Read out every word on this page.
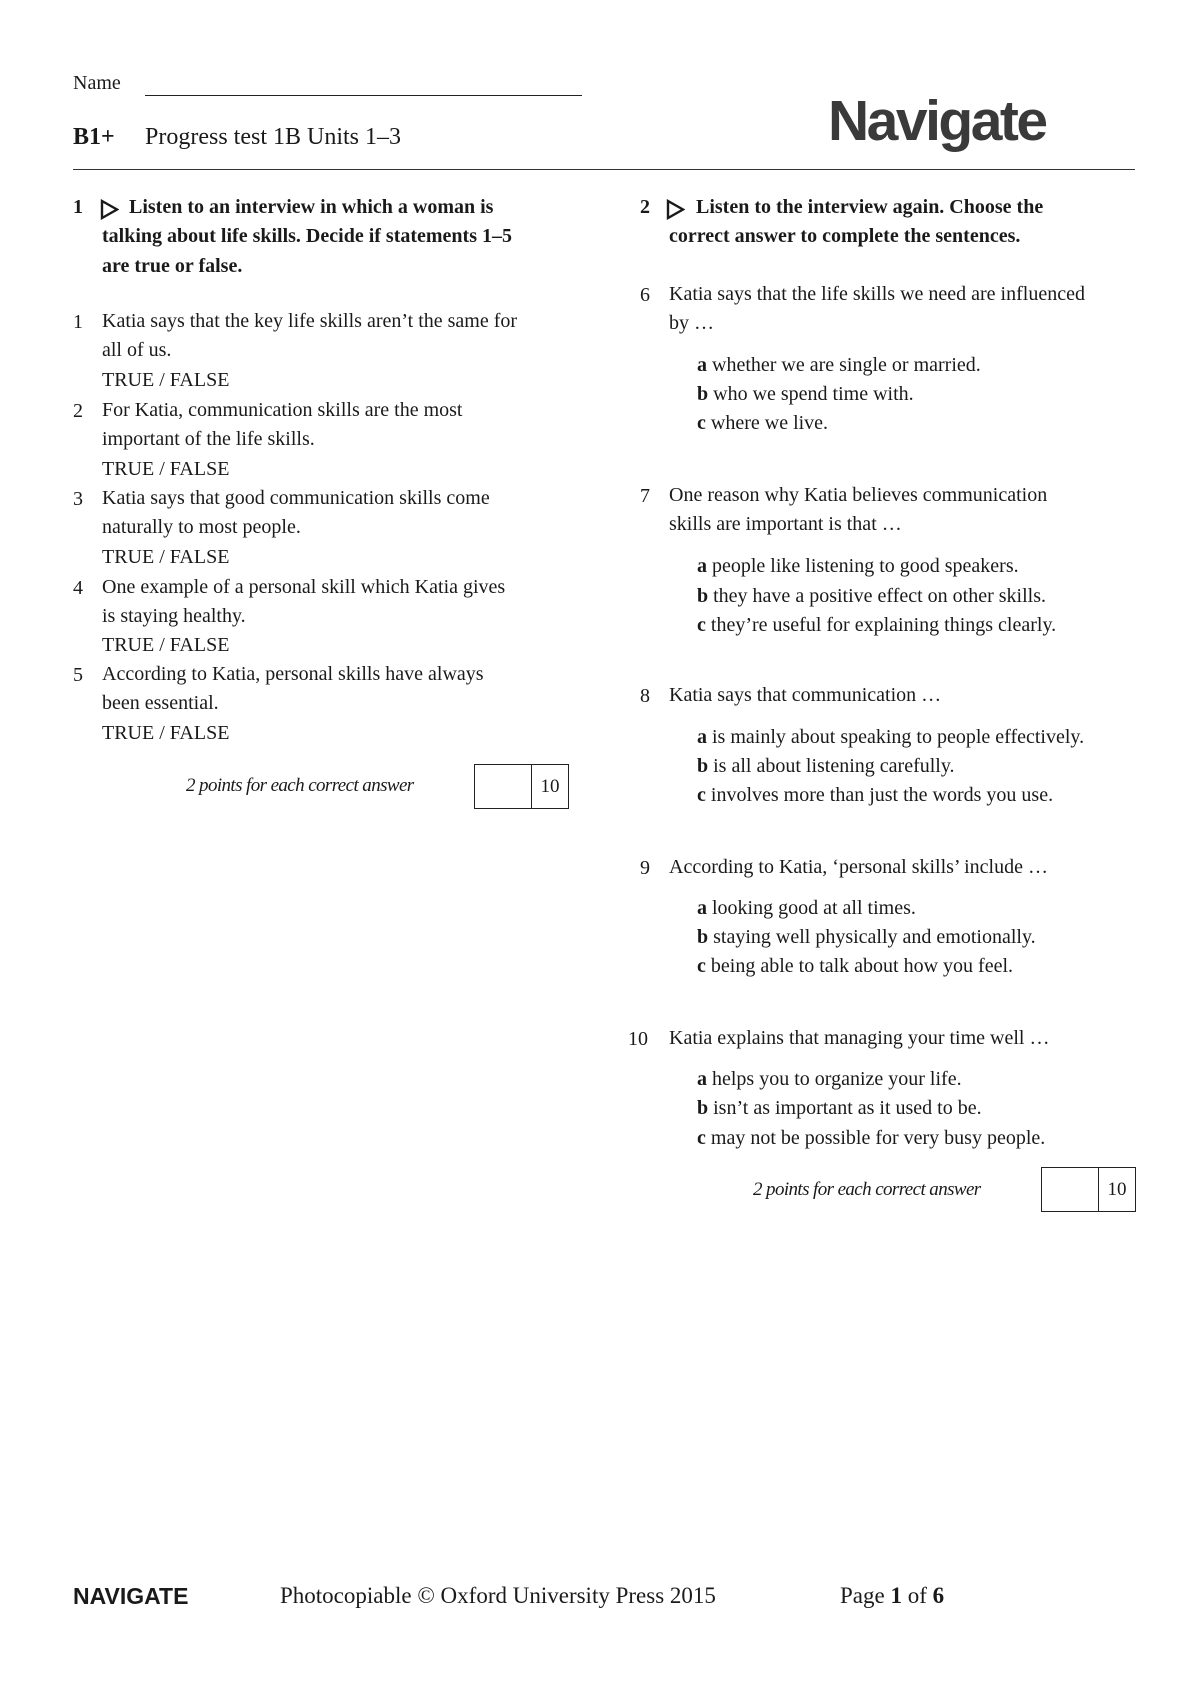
Name
B1+ Progress test 1B Units 1–3	Navigate
1 Listen to an interview in which a woman is
talking about life skills. Decide if statements 1–5
are true or false.
1 Katia says that the key life skills aren’t the same for
all of us.
TRUE / FALSE
2 For Katia, communication skills are the most
important of the life skills.
TRUE / FALSE
3 Katia says that good communication skills come
naturally to most people.
TRUE / FALSE
4 One example of a personal skill which Katia gives
is staying healthy.
TRUE / FALSE
5 According to Katia, personal skills have always
been essential.
TRUE / FALSE
2 points for each correct answer	10
2 Listen to the interview again. Choose the
correct answer to complete the sentences.
6 Katia says that the life skills we need are influenced
by …
a whether we are single or married.
b who we spend time with.
c where we live.
7 One reason why Katia believes communication
skills are important is that …
a people like listening to good speakers.
b they have a positive effect on other skills.
c they’re useful for explaining things clearly.
8 Katia says that communication …
a is mainly about speaking to people effectively.
b is all about listening carefully.
c involves more than just the words you use.
9 According to Katia, ‘personal skills’ include …
a looking good at all times.
b staying well physically and emotionally.
c being able to talk about how you feel.
10 Katia explains that managing your time well …
a helps you to organize your life.
b isn’t as important as it used to be.
c may not be possible for very busy people.
2 points for each correct answer	10
NAVIGATE	Photocopiable © Oxford University Press 2015	Page 1 of 6
